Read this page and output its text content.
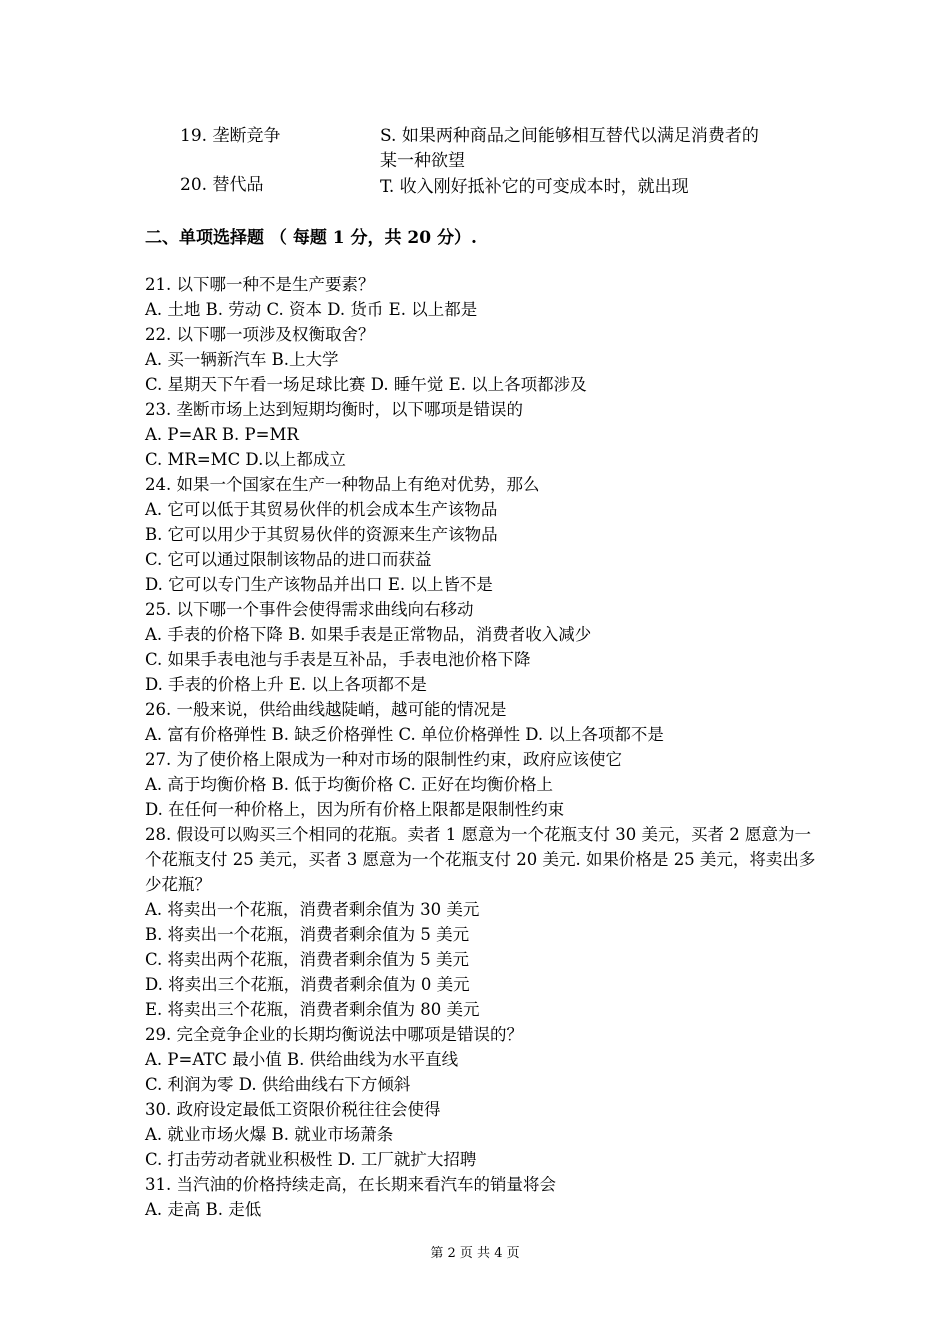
19. 垄断竞争	S. 如果两种商品之间能够相互替代以满足消费者的
某一种欲望
20. 替代品	T. 收入刚好抵补它的可变成本时，就出现
二、单项选择题 （ 每题 1 分，共 20 分）.
21. 以下哪一种不是生产要素？
A. 土地 B. 劳动 C. 资本 D. 货币 E. 以上都是
22. 以下哪一项涉及权衡取舍？
A. 买一辆新汽车 B.上大学
C. 星期天下午看一场足球比赛 D. 睡午觉 E. 以上各项都涉及
23. 垄断市场上达到短期均衡时，以下哪项是错误的
A. P=AR B. P=MR
C. MR=MC D.以上都成立
24. 如果一个国家在生产一种物品上有绝对优势，那么
A. 它可以低于其贸易伙伴的机会成本生产该物品
B. 它可以用少于其贸易伙伴的资源来生产该物品
C. 它可以通过限制该物品的进口而获益
D. 它可以专门生产该物品并出口 E. 以上皆不是
25. 以下哪一个事件会使得需求曲线向右移动
A. 手表的价格下降 B. 如果手表是正常物品，消费者收入减少
C. 如果手表电池与手表是互补品，手表电池价格下降
D. 手表的价格上升 E. 以上各项都不是
26. 一般来说，供给曲线越陡峭，越可能的情况是
A. 富有价格弹性 B. 缺乏价格弹性 C. 单位价格弹性 D. 以上各项都不是
27. 为了使价格上限成为一种对市场的限制性约束，政府应该使它
A. 高于均衡价格 B. 低于均衡价格 C. 正好在均衡价格上
D. 在任何一种价格上，因为所有价格上限都是限制性约束
28. 假设可以购买三个相同的花瓶。卖者 1 愿意为一个花瓶支付 30 美元，买者 2 愿意为一个花瓶支付 25 美元，买者 3 愿意为一个花瓶支付 20 美元. 如果价格是 25 美元，将卖出多少花瓶？
A. 将卖出一个花瓶，消费者剩余值为 30 美元
B. 将卖出一个花瓶，消费者剩余值为 5 美元
C. 将卖出两个花瓶，消费者剩余值为 5 美元
D. 将卖出三个花瓶，消费者剩余值为 0 美元
E. 将卖出三个花瓶，消费者剩余值为 80 美元
29. 完全竞争企业的长期均衡说法中哪项是错误的？
A. P=ATC 最小值 B. 供给曲线为水平直线
C. 利润为零 D. 供给曲线右下方倾斜
30. 政府设定最低工资限价税往往会使得
A. 就业市场火爆 B. 就业市场萧条
C. 打击劳动者就业积极性 D. 工厂就扩大招聘
31. 当汽油的价格持续走高，在长期来看汽车的销量将会
A. 走高 B. 走低
第 2 页 共 4 页
